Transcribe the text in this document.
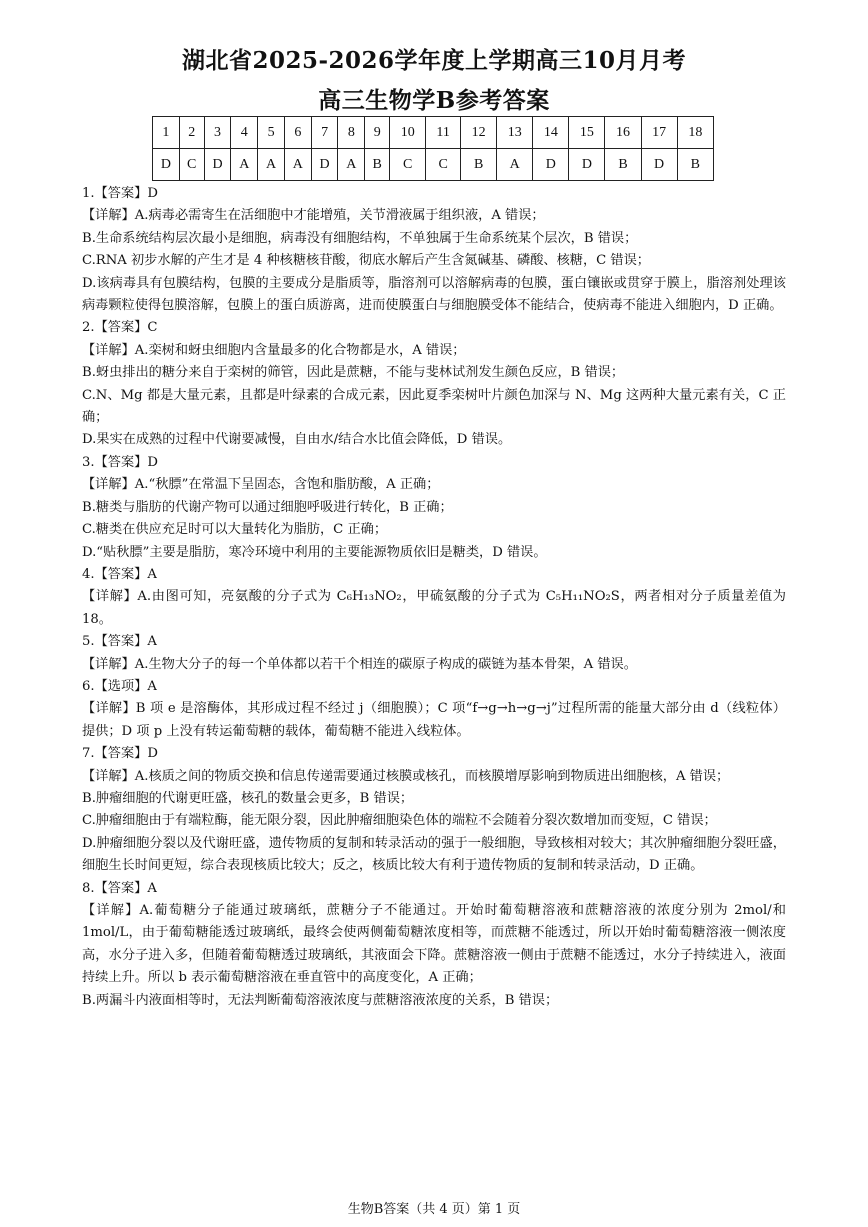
湖北省2025-2026学年度上学期高三10月月考
高三生物学B参考答案
1	2	3	4	5	6	7	8	9	10	11	12	13	14	15	16	17	18
D	C	D	A	A	A	D	A	B	C	C	B	A	D	D	B	D	B

1.【答案】D

【详解】A.病毒必需寄生在活细胞中才能增殖，关节滑液属于组织液，A 错误；

B.生命系统结构层次最小是细胞，病毒没有细胞结构，不单独属于生命系统某个层次，B 错误；

C.RNA 初步水解的产生才是 4 种核糖核苷酸，彻底水解后产生含氮碱基、磷酸、核糖，C 错误；

D.该病毒具有包膜结构，包膜的主要成分是脂质等，脂溶剂可以溶解病毒的包膜，蛋白镶嵌或贯穿于膜上，脂溶剂处理该病毒颗粒使得包膜溶解，包膜上的蛋白质游离，进而使膜蛋白与细胞膜受体不能结合，使病毒不能进入细胞内，D 正确。

2.【答案】C

【详解】A.栾树和蚜虫细胞内含量最多的化合物都是水，A 错误；

B.蚜虫排出的糖分来自于栾树的筛管，因此是蔗糖，不能与斐林试剂发生颜色反应，B 错误；

C.N、Mg 都是大量元素，且都是叶绿素的合成元素，因此夏季栾树叶片颜色加深与 N、Mg 这两种大量元素有关，C 正确；

D.果实在成熟的过程中代谢要减慢，自由水/结合水比值会降低，D 错误。

3.【答案】D

【详解】A.“秋膘”在常温下呈固态，含饱和脂肪酸，A 正确；

B.糖类与脂肪的代谢产物可以通过细胞呼吸进行转化，B 正确；

C.糖类在供应充足时可以大量转化为脂肪，C 正确；

D.“贴秋膘”主要是脂肪，寒冷环境中利用的主要能源物质依旧是糖类，D 错误。

4.【答案】A

【详解】A.由图可知，亮氨酸的分子式为 C₆H₁₃NO₂，甲硫氨酸的分子式为 C₅H₁₁NO₂S，两者相对分子质量差值为 18。

5.【答案】A

【详解】A.生物大分子的每一个单体都以若干个相连的碳原子构成的碳链为基本骨架，A 错误。

6.【选项】A

【详解】B 项 e 是溶酶体，其形成过程不经过 j（细胞膜）；C 项“f→g→h→g→j”过程所需的能量大部分由 d（线粒体）提供；D 项 p 上没有转运葡萄糖的载体，葡萄糖不能进入线粒体。

7.【答案】D

【详解】A.核质之间的物质交换和信息传递需要通过核膜或核孔，而核膜增厚影响到物质进出细胞核，A 错误；

B.肿瘤细胞的代谢更旺盛，核孔的数量会更多，B 错误；

C.肿瘤细胞由于有端粒酶，能无限分裂，因此肿瘤细胞染色体的端粒不会随着分裂次数增加而变短，C 错误；

D.肿瘤细胞分裂以及代谢旺盛，遗传物质的复制和转录活动的强于一般细胞，导致核相对较大；其次肿瘤细胞分裂旺盛，细胞生长时间更短，综合表现核质比较大；反之，核质比较大有利于遗传物质的复制和转录活动，D 正确。

8.【答案】A

【详解】A.葡萄糖分子能通过玻璃纸，蔗糖分子不能通过。开始时葡萄糖溶液和蔗糖溶液的浓度分别为 2mol/和 1mol/L，由于葡萄糖能透过玻璃纸，最终会使两侧葡萄糖浓度相等，而蔗糖不能透过，所以开始时葡萄糖溶液一侧浓度高，水分子进入多，但随着葡萄糖透过玻璃纸，其液面会下降。蔗糖溶液一侧由于蔗糖不能透过，水分子持续进入，液面持续上升。所以 b 表示葡萄糖溶液在垂直管中的高度变化，A 正确；

B.两漏斗内液面相等时，无法判断葡萄溶液浓度与蔗糖溶液浓度的关系，B 错误；

生物B答案（共 4 页）第 1 页
